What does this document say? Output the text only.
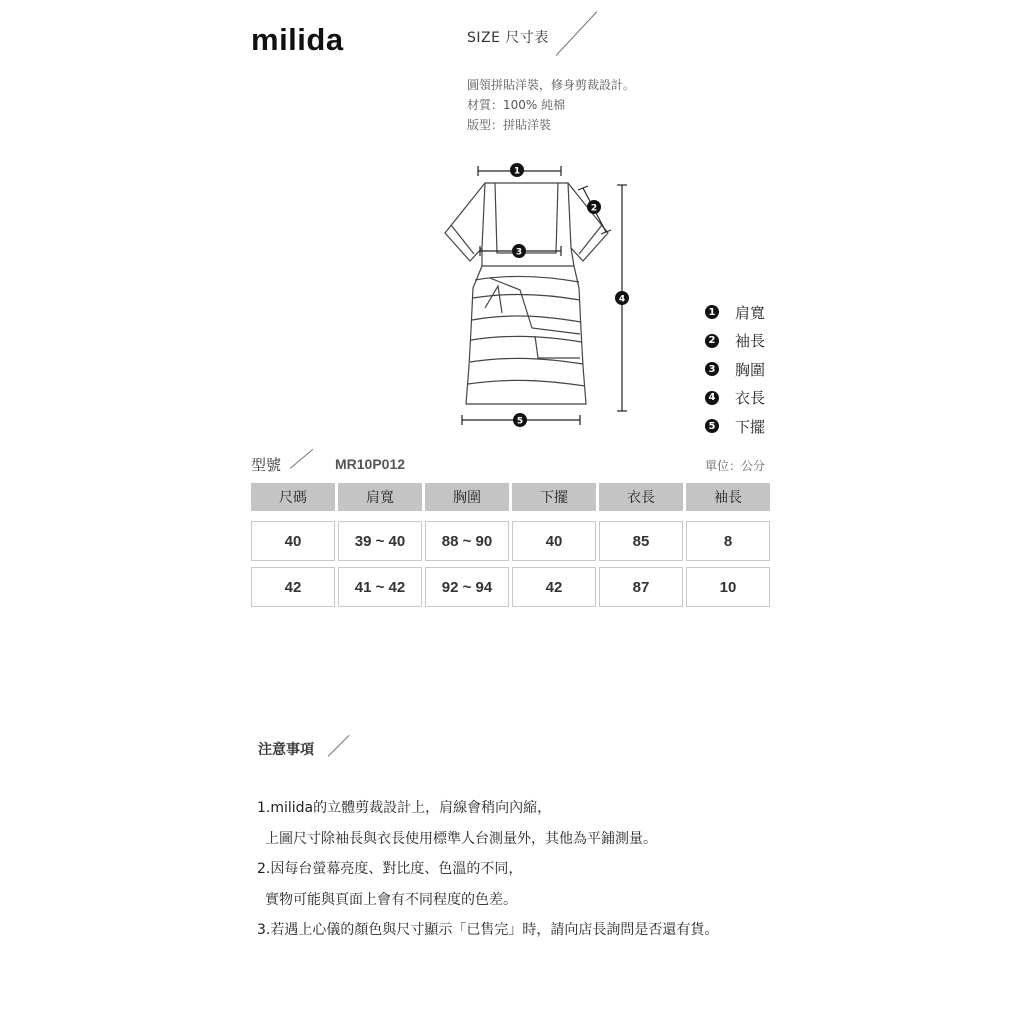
milida	SIZE 尺寸表
圓領拼貼洋裝，修身剪裁設計。
材質：100% 純棉
版型：拼貼洋裝
1
2
3
4
5
1 肩寬
2 袖長
3 胸圍
4 衣長
5 下擺
型號	MR10P012	單位：公分
尺碼	肩寬	胸圍	下擺	衣長	袖長
40	39 ~ 40	88 ~ 90	40	85	8
42	41 ~ 42	92 ~ 94	42	87	10
注意事項
1.milida的立體剪裁設計上，肩線會稍向內縮，
上圖尺寸除袖長與衣長使用標準人台測量外，其他為平鋪測量。
2.因每台螢幕亮度、對比度、色溫的不同，
實物可能與頁面上會有不同程度的色差。
3.若遇上心儀的顏色與尺寸顯示「已售完」時，請向店長詢問是否還有貨。
